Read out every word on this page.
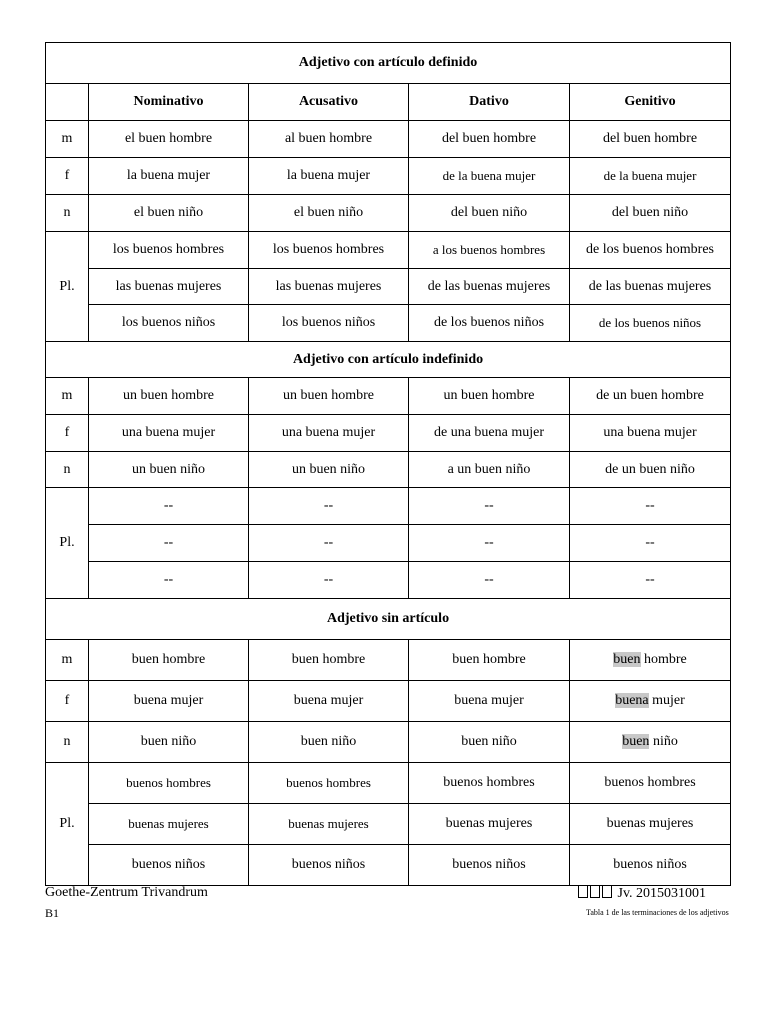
Adjetivo con artículo definido				
	Nominativo	Acusativo	Dativo	Genitivo
m	el buen hombre	al buen hombre	del buen hombre	del buen hombre
f	la buena mujer	la buena mujer	de la buena mujer	de la buena mujer
n	el buen niño	el buen niño	del buen niño	del buen niño
Pl.	los buenos hombres	los buenos hombres	a los buenos hombres	de los buenos hombres
	las buenas mujeres	las buenas mujeres	de las buenas mujeres	de las buenas mujeres
	los buenos niños	los buenos niños	de los buenos niños	de los buenos niños
Adjetivo con artículo indefinido				
m	un buen hombre	un buen hombre	un buen hombre	de un buen hombre
f	una buena mujer	una buena mujer	de una buena mujer	una buena mujer
n	un buen niño	un buen niño	a un buen niño	de un buen niño
Pl.	--	--	--	--
	--	--	--	--
	--	--	--	--
Adjetivo sin artículo				
m	buen hombre	buen hombre	buen hombre	buen hombre
f	buena mujer	buena mujer	buena mujer	buena mujer
n	buen niño	buen niño	buen niño	buen niño
Pl.	buenos hombres	buenos hombres	buenos hombres	buenos hombres
	buenas mujeres	buenas mujeres	buenas mujeres	buenas mujeres
	buenos niños	buenos niños	buenos niños	buenos niños
Goethe-Zentrum Trivandrum
B1
Jv. 2015031001
Tabla 1 de las terminaciones de los adjetivos
